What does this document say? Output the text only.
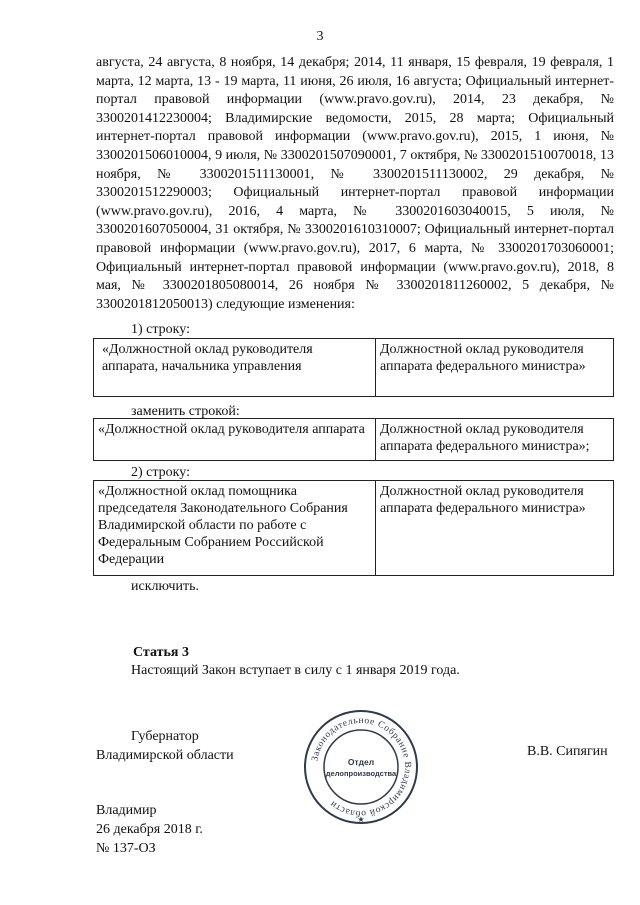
3
августа, 24 августа, 8 ноября, 14 декабря; 2014, 11 января, 15 февраля, 19 февраля, 1 марта, 12 марта, 13 - 19 марта, 11 июня, 26 июля, 16 августа; Официальный интернет-портал правовой информации (www.pravo.gov.ru), 2014, 23 декабря, № 3300201412230004; Владимирские ведомости, 2015, 28 марта; Официальный интернет-портал правовой информации (www.pravo.gov.ru), 2015, 1 июня, № 3300201506010004, 9 июля, № 3300201507090001, 7 октября, № 3300201510070018, 13 ноября, № 3300201511130001, № 3300201511130002, 29 декабря, № 3300201512290003; Официальный интернет-портал правовой информации (www.pravo.gov.ru), 2016, 4 марта, № 3300201603040015, 5 июля, № 3300201607050004, 31 октября, № 3300201610310007; Официальный интернет-портал правовой информации (www.pravo.gov.ru), 2017, 6 марта, № 3300201703060001; Официальный интернет-портал правовой информации (www.pravo.gov.ru), 2018, 8 мая, № 3300201805080014, 26 ноября № 3300201811260002, 5 декабря, № 3300201812050013) следующие изменения:
1) строку:
«Должностной оклад руководителя аппарата, начальника управления
Должностной оклад руководителя аппарата федерального министра»
заменить строкой:
«Должностной оклад руководителя аппарата	Должностной оклад руководителя аппарата федерального министра»;
2) строку:
«Должностной оклад помощника председателя Законодательного Собрания Владимирской области по работе с Федеральным Собранием Российской Федерации
Должностной оклад руководителя аппарата федерального министра»
исключить.
Статья 3
Настоящий Закон вступает в силу с 1 января 2019 года.
Губернатор
Владимирской области	В.В. Сипягин
Законодательное Собрание Владимирской области
★
Отдел
делопроизводства
Владимир
26 декабря 2018 г.
№ 137-ОЗ
